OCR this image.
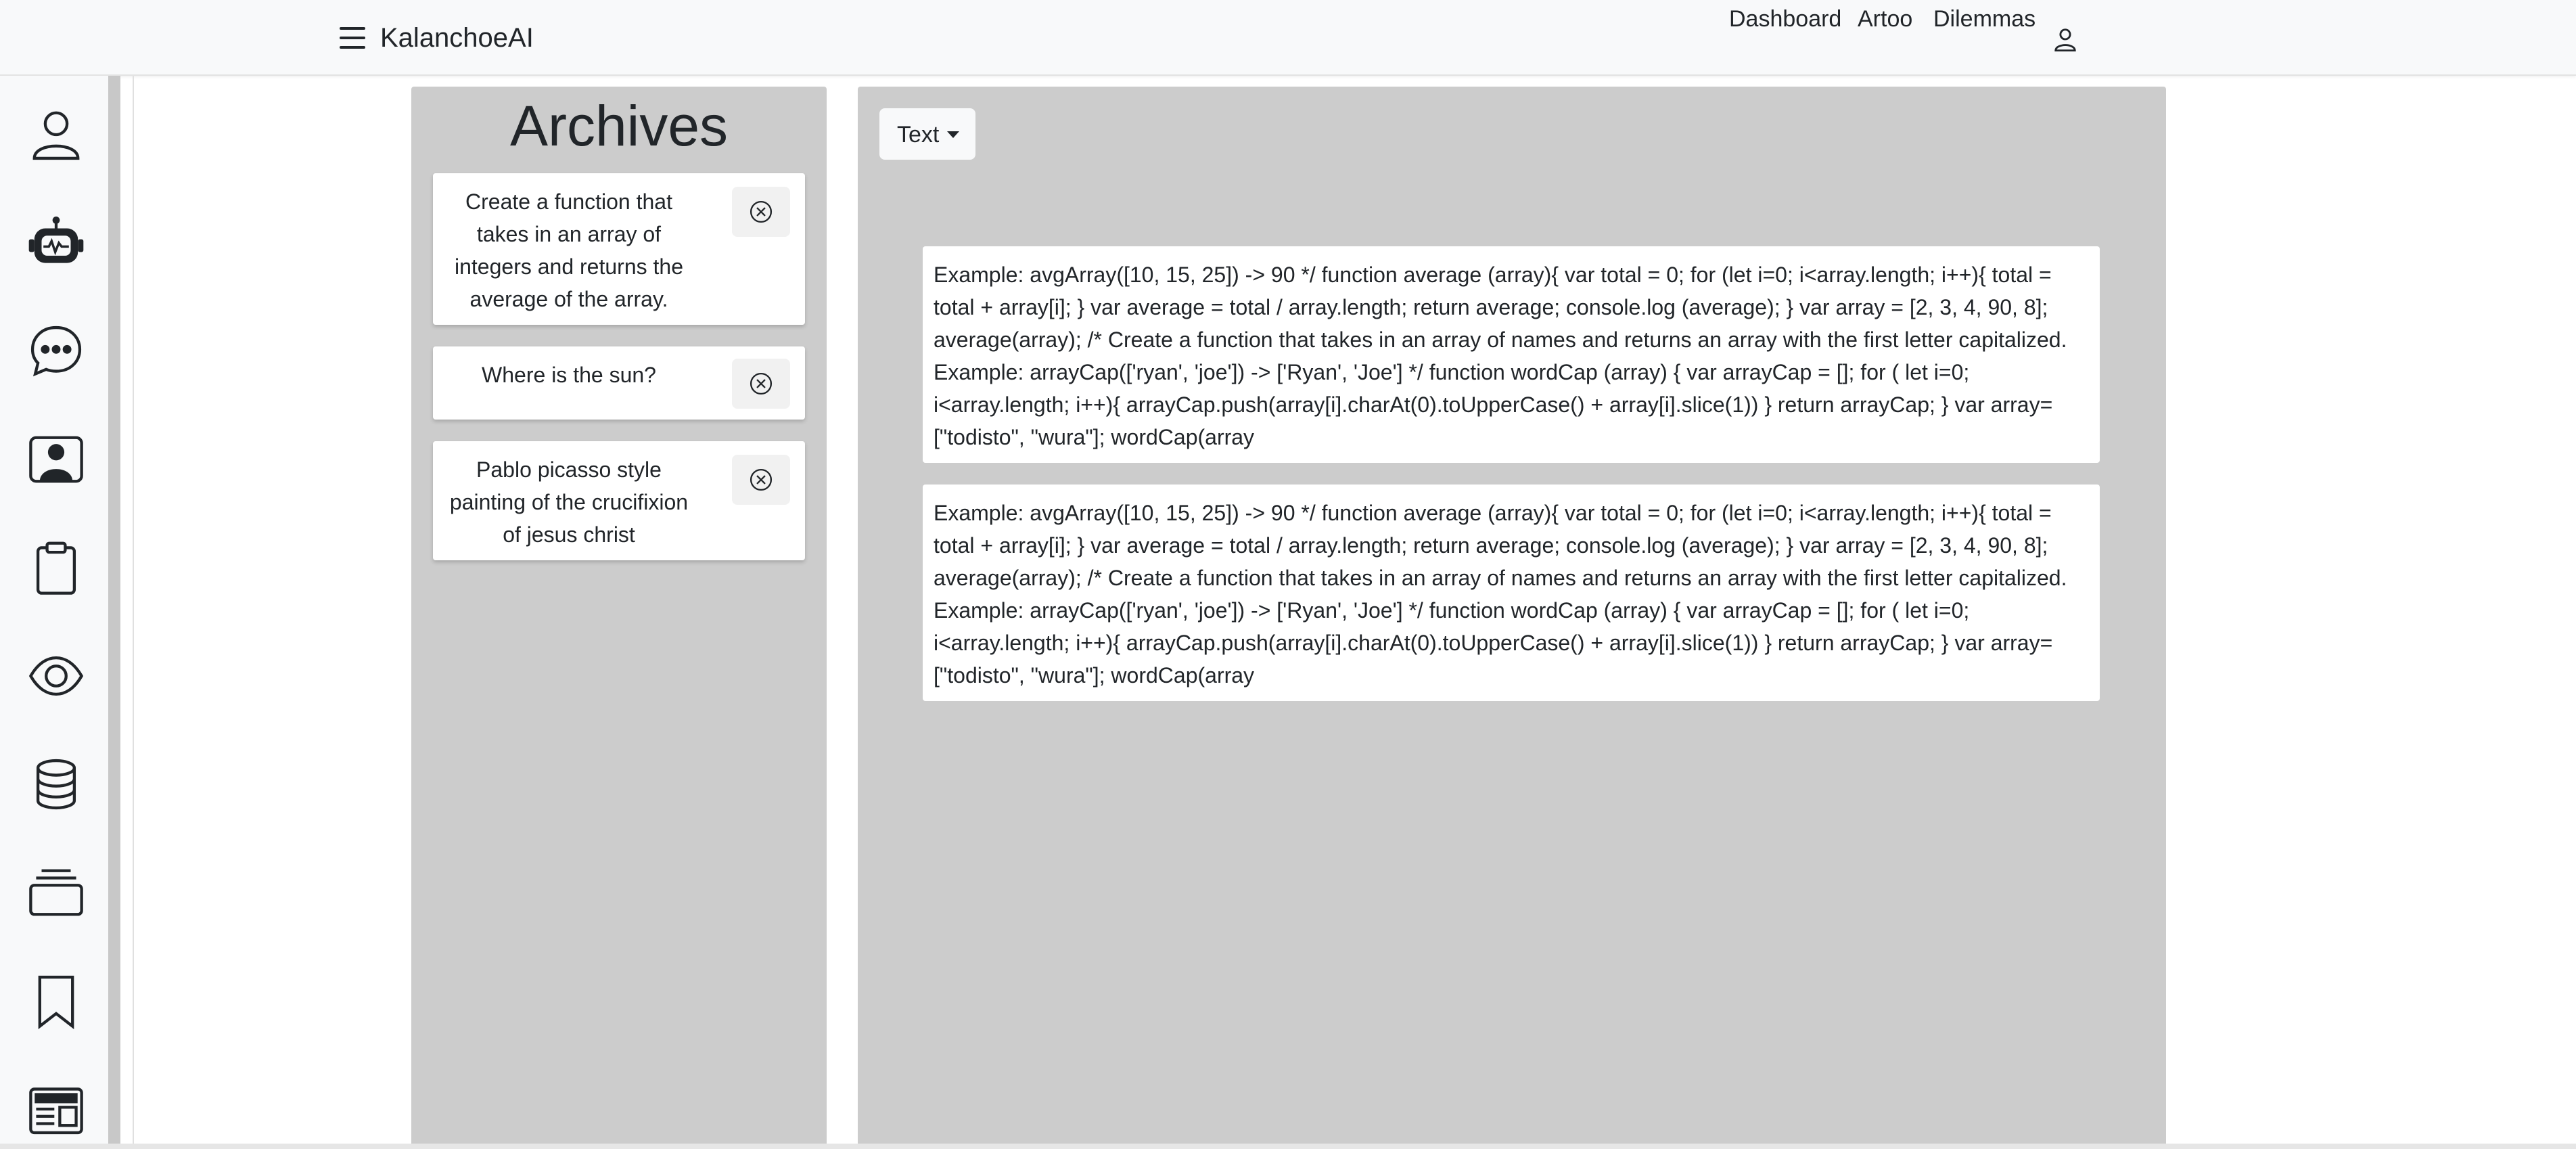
KalanchoeAI
Dashboard Artoo Dilemmas
Archives
Create a function that takes in an array of integers and returns the average of the array.
Where is the sun?
Pablo picasso style painting of the crucifixion of jesus christ
Text
Example: avgArray([10, 15, 25]) -> 90 */ function average (array){ var total = 0; for (let i=0; i<array.length; i++){ total = total + array[i]; } var average = total / array.length; return average; console.log (average); } var array = [2, 3, 4, 90, 8]; average(array); /* Create a function that takes in an array of names and returns an array with the first letter capitalized. Example: arrayCap(['ryan', 'joe']) -> ['Ryan', 'Joe'] */ function wordCap (array) { var arrayCap = []; for ( let i=0; i<array.length; i++){ arrayCap.push(array[i].charAt(0).toUpperCase() + array[i].slice(1)) } return arrayCap; } var array=["todisto", "wura"]; wordCap(array
Example: avgArray([10, 15, 25]) -> 90 */ function average (array){ var total = 0; for (let i=0; i<array.length; i++){ total = total + array[i]; } var average = total / array.length; return average; console.log (average); } var array = [2, 3, 4, 90, 8]; average(array); /* Create a function that takes in an array of names and returns an array with the first letter capitalized. Example: arrayCap(['ryan', 'joe']) -> ['Ryan', 'Joe'] */ function wordCap (array) { var arrayCap = []; for ( let i=0; i<array.length; i++){ arrayCap.push(array[i].charAt(0).toUpperCase() + array[i].slice(1)) } return arrayCap; } var array=["todisto", "wura"]; wordCap(array
